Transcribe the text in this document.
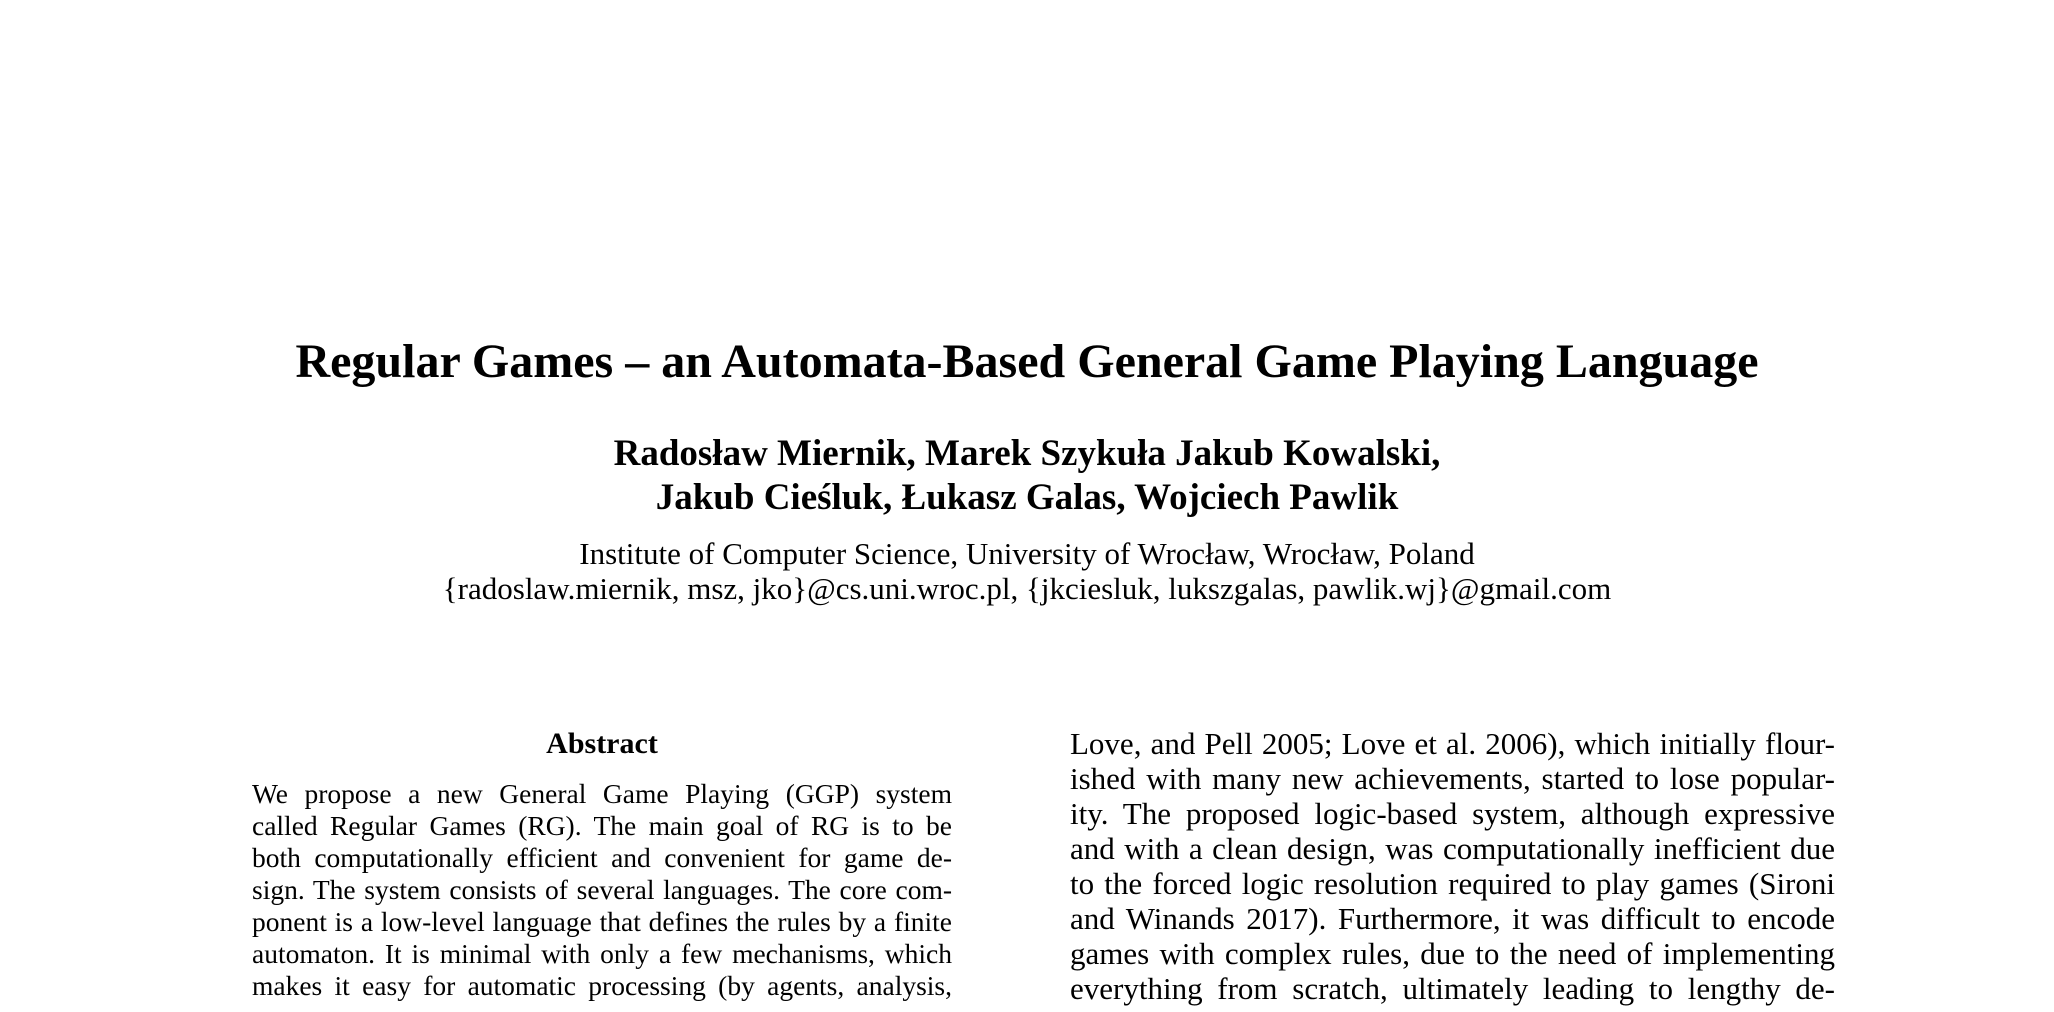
Regular Games – an Automata-Based General Game Playing Language
Radosław Miernik, Marek Szykuła Jakub Kowalski,
Jakub Cieśluk, Łukasz Galas, Wojciech Pawlik
Institute of Computer Science, University of Wrocław, Wrocław, Poland
{radoslaw.miernik, msz, jko}@cs.uni.wroc.pl, {jkciesluk, lukszgalas, pawlik.wj}@gmail.com
Abstract
We propose a new General Game Playing (GGP) system
called Regular Games (RG). The main goal of RG is to be
both computationally efficient and convenient for game de-
sign. The system consists of several languages. The core com-
ponent is a low-level language that defines the rules by a finite
automaton. It is minimal with only a few mechanisms, which
makes it easy for automatic processing (by agents, analysis,
Love, and Pell 2005; Love et al. 2006), which initially flour-
ished with many new achievements, started to lose popular-
ity. The proposed logic-based system, although expressive
and with a clean design, was computationally inefficient due
to the forced logic resolution required to play games (Sironi
and Winands 2017). Furthermore, it was difficult to encode
games with complex rules, due to the need of implementing
everything from scratch, ultimately leading to lengthy de-
